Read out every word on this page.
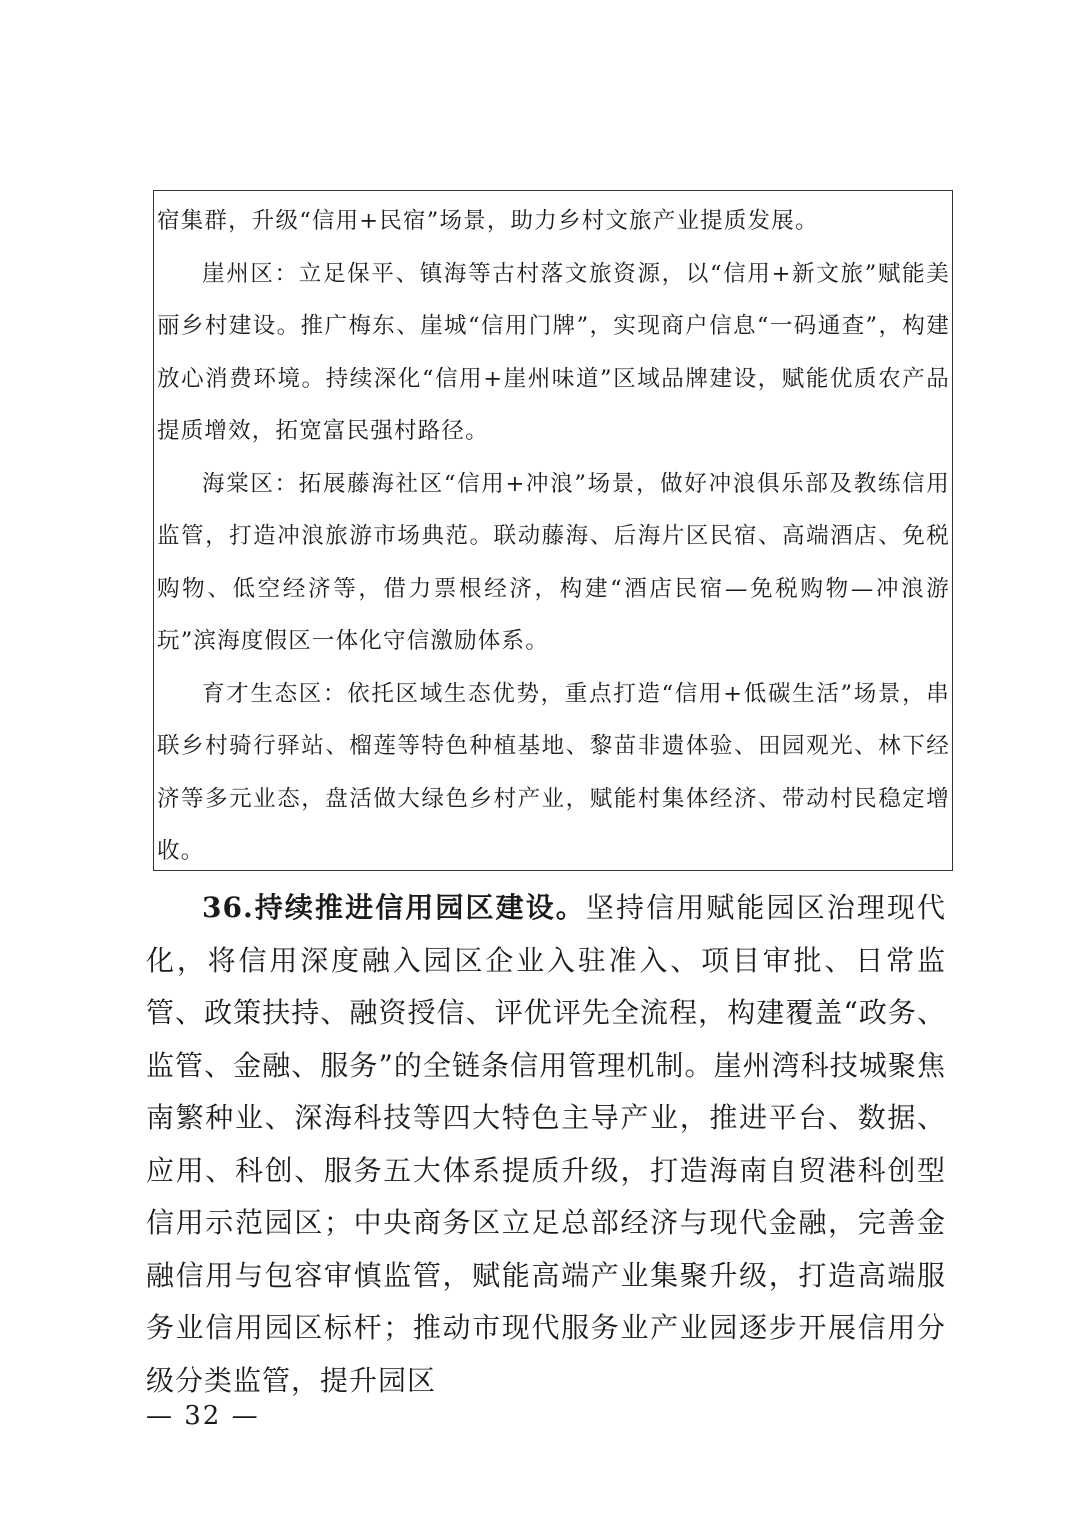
宿集群，升级“信用+民宿”场景，助力乡村文旅产业提质发展。

崖州区：立足保平、镇海等古村落文旅资源，以“信用+新文旅”赋能美丽乡村建设。推广梅东、崖城“信用门牌”，实现商户信息“一码通查”，构建放心消费环境。持续深化“信用+崖州味道”区域品牌建设，赋能优质农产品提质增效，拓宽富民强村路径。

海棠区：拓展藤海社区“信用+冲浪”场景，做好冲浪俱乐部及教练信用监管，打造冲浪旅游市场典范。联动藤海、后海片区民宿、高端酒店、免税购物、低空经济等，借力票根经济，构建“酒店民宿—免税购物—冲浪游玩”滨海度假区一体化守信激励体系。

育才生态区：依托区域生态优势，重点打造“信用+低碳生活”场景，串联乡村骑行驿站、榴莲等特色种植基地、黎苗非遗体验、田园观光、林下经济等多元业态，盘活做大绿色乡村产业，赋能村集体经济、带动村民稳定增收。

36.持续推进信用园区建设。坚持信用赋能园区治理现代化，将信用深度融入园区企业入驻准入、项目审批、日常监管、政策扶持、融资授信、评优评先全流程，构建覆盖“政务、监管、金融、服务”的全链条信用管理机制。崖州湾科技城聚焦南繁种业、深海科技等四大特色主导产业，推进平台、数据、应用、科创、服务五大体系提质升级，打造海南自贸港科创型信用示范园区；中央商务区立足总部经济与现代金融，完善金融信用与包容审慎监管，赋能高端产业集聚升级，打造高端服务业信用园区标杆；推动市现代服务业产业园逐步开展信用分级分类监管，提升园区

— 32 —
